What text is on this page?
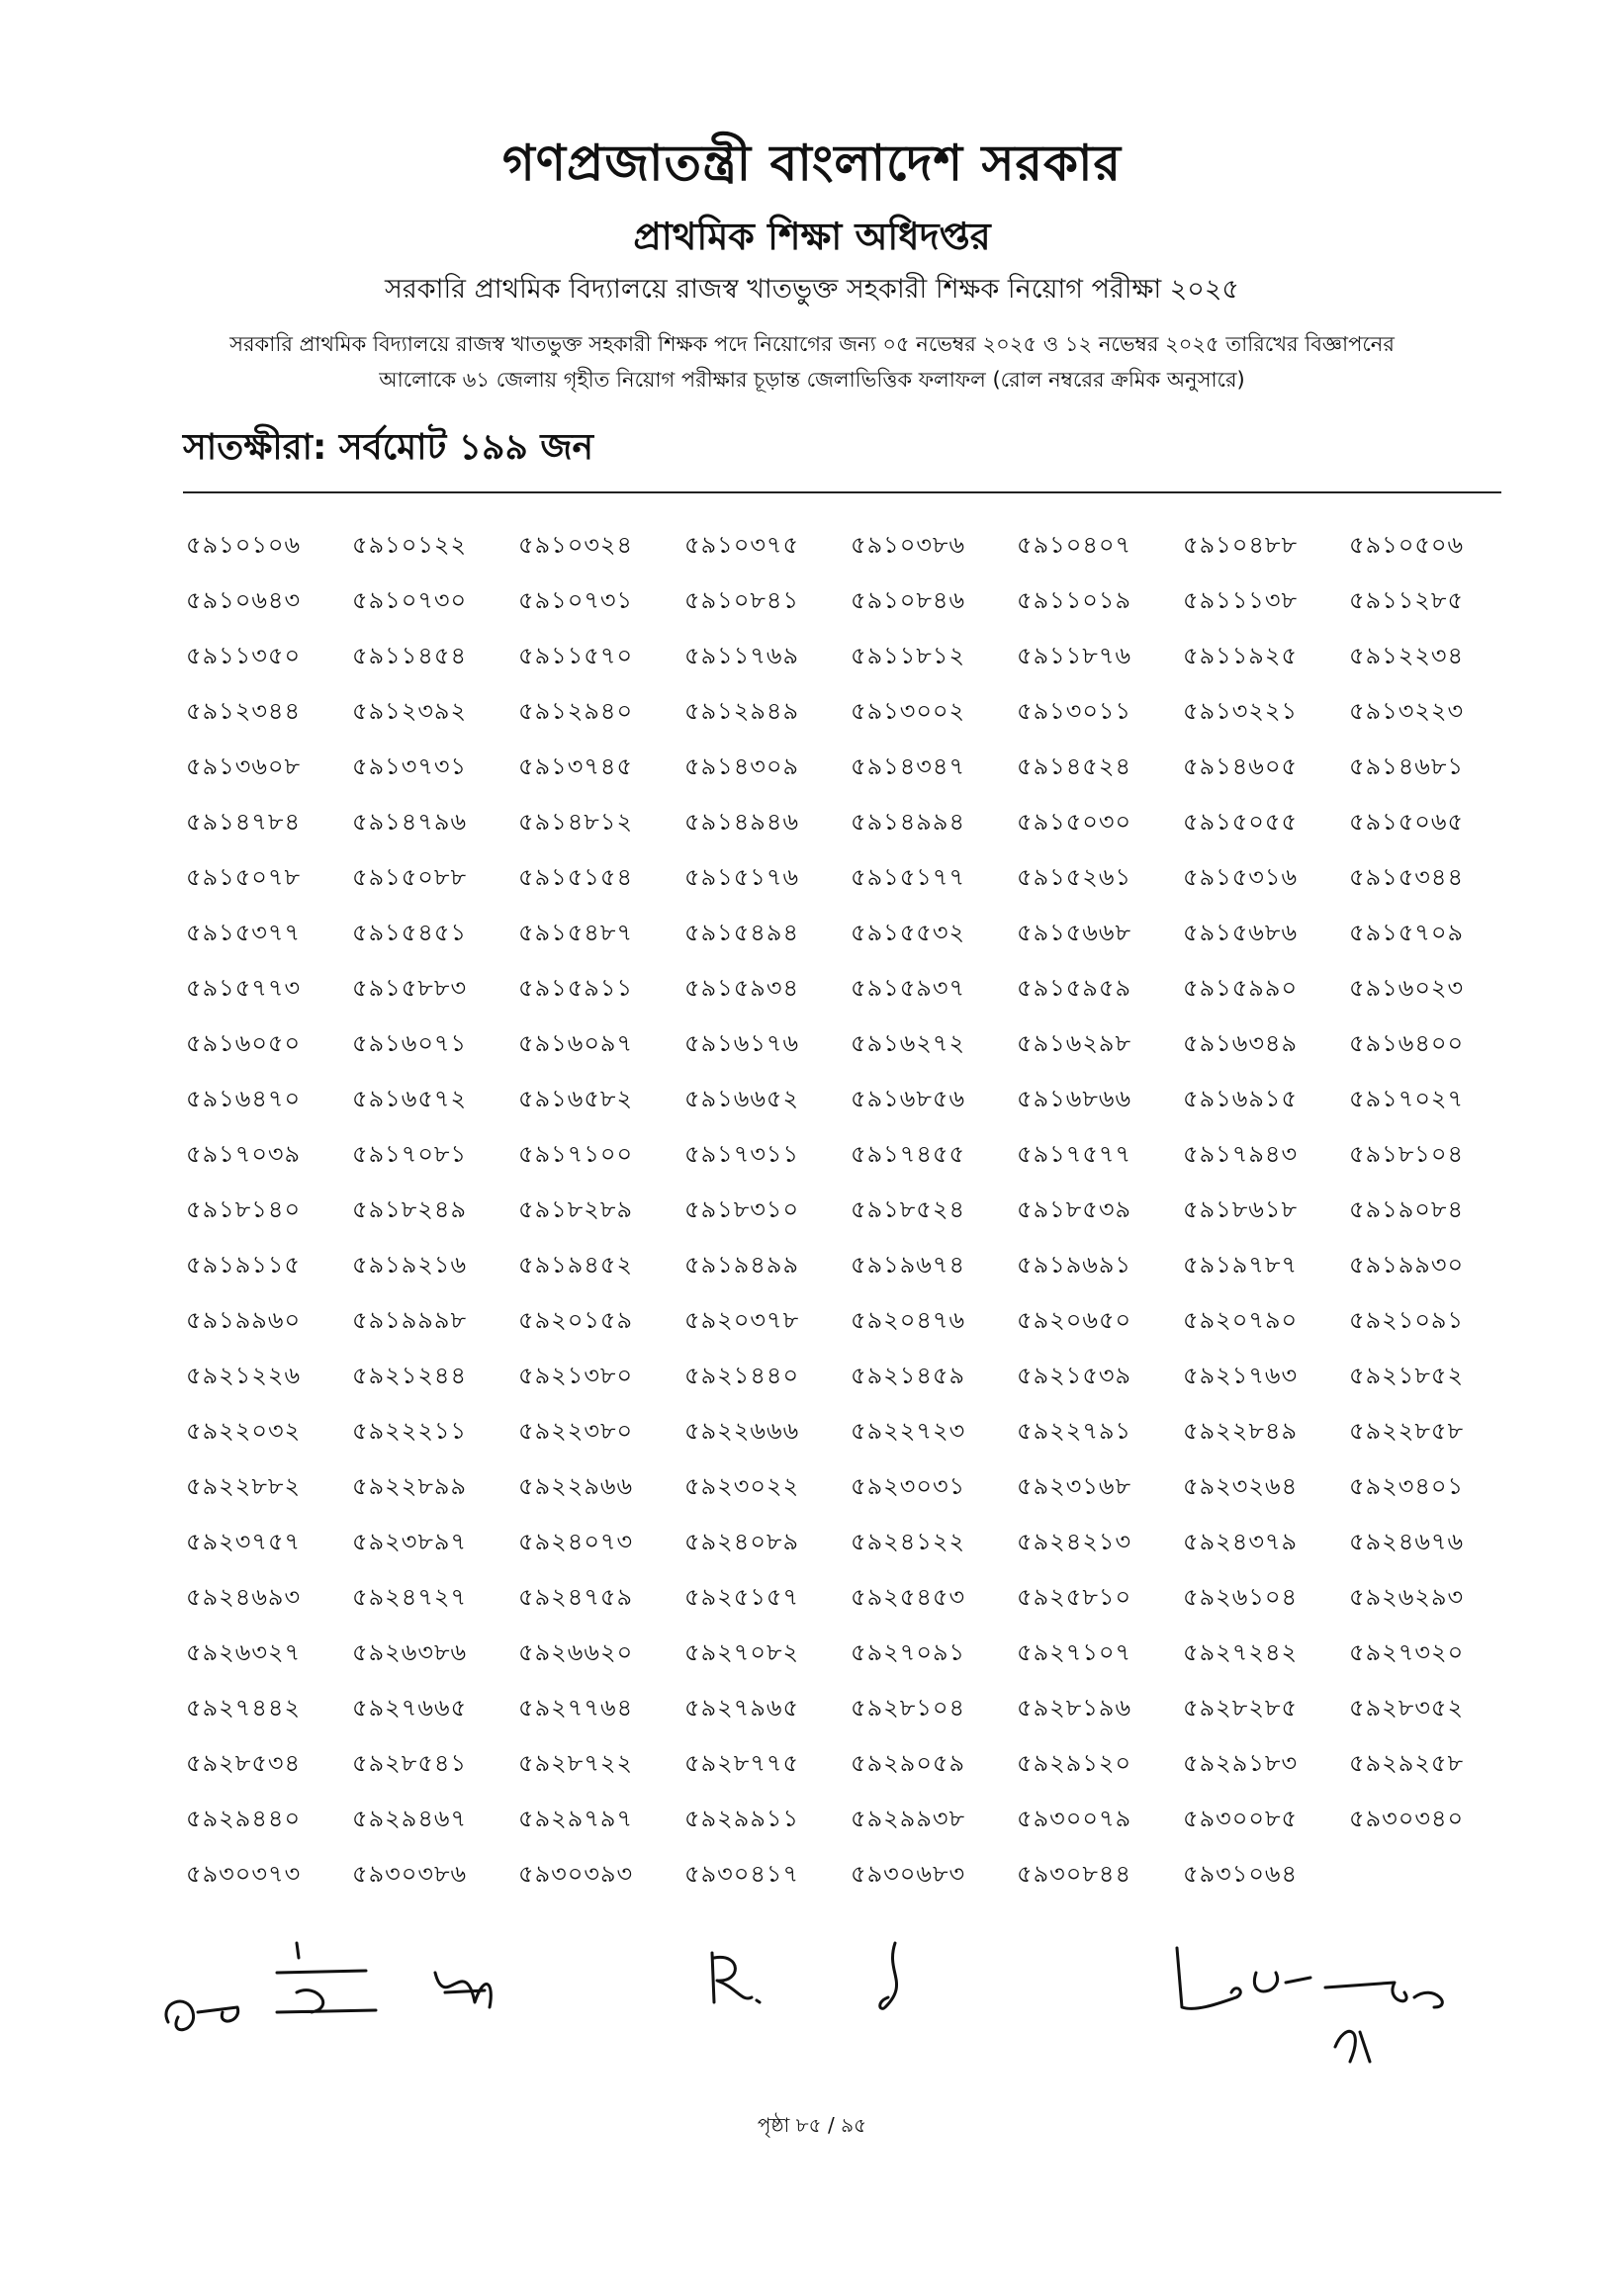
গণপ্রজাতন্ত্রী বাংলাদেশ সরকার
প্রাথমিক শিক্ষা অধিদপ্তর
সরকারি প্রাথমিক বিদ্যালয়ে রাজস্ব খাতভুক্ত সহকারী শিক্ষক নিয়োগ পরীক্ষা ২০২৫
সরকারি প্রাথমিক বিদ্যালয়ে রাজস্ব খাতভুক্ত সহকারী শিক্ষক পদে নিয়োগের জন্য ০৫ নভেম্বর ২০২৫ ও ১২ নভেম্বর ২০২৫ তারিখের বিজ্ঞাপনের
আলোকে ৬১ জেলায় গৃহীত নিয়োগ পরীক্ষার চূড়ান্ত জেলাভিত্তিক ফলাফল (রোল নম্বরের ক্রমিক অনুসারে)
সাতক্ষীরা: সর্বমোট ১৯৯ জন
৫৯১০১০৬	৫৯১০১২২	৫৯১০৩২৪	৫৯১০৩৭৫	৫৯১০৩৮৬	৫৯১০৪০৭	৫৯১০৪৮৮	৫৯১০৫০৬
৫৯১০৬৪৩	৫৯১০৭৩০	৫৯১০৭৩১	৫৯১০৮৪১	৫৯১০৮৪৬	৫৯১১০১৯	৫৯১১১৩৮	৫৯১১২৮৫
৫৯১১৩৫০	৫৯১১৪৫৪	৫৯১১৫৭০	৫৯১১৭৬৯	৫৯১১৮১২	৫৯১১৮৭৬	৫৯১১৯২৫	৫৯১২২৩৪
৫৯১২৩৪৪	৫৯১২৩৯২	৫৯১২৯৪০	৫৯১২৯৪৯	৫৯১৩০০২	৫৯১৩০১১	৫৯১৩২২১	৫৯১৩২২৩
৫৯১৩৬০৮	৫৯১৩৭৩১	৫৯১৩৭৪৫	৫৯১৪৩০৯	৫৯১৪৩৪৭	৫৯১৪৫২৪	৫৯১৪৬০৫	৫৯১৪৬৮১
৫৯১৪৭৮৪	৫৯১৪৭৯৬	৫৯১৪৮১২	৫৯১৪৯৪৬	৫৯১৪৯৯৪	৫৯১৫০৩০	৫৯১৫০৫৫	৫৯১৫০৬৫
৫৯১৫০৭৮	৫৯১৫০৮৮	৫৯১৫১৫৪	৫৯১৫১৭৬	৫৯১৫১৭৭	৫৯১৫২৬১	৫৯১৫৩১৬	৫৯১৫৩৪৪
৫৯১৫৩৭৭	৫৯১৫৪৫১	৫৯১৫৪৮৭	৫৯১৫৪৯৪	৫৯১৫৫৩২	৫৯১৫৬৬৮	৫৯১৫৬৮৬	৫৯১৫৭০৯
৫৯১৫৭৭৩	৫৯১৫৮৮৩	৫৯১৫৯১১	৫৯১৫৯৩৪	৫৯১৫৯৩৭	৫৯১৫৯৫৯	৫৯১৫৯৯০	৫৯১৬০২৩
৫৯১৬০৫০	৫৯১৬০৭১	৫৯১৬০৯৭	৫৯১৬১৭৬	৫৯১৬২৭২	৫৯১৬২৯৮	৫৯১৬৩৪৯	৫৯১৬৪০০
৫৯১৬৪৭০	৫৯১৬৫৭২	৫৯১৬৫৮২	৫৯১৬৬৫২	৫৯১৬৮৫৬	৫৯১৬৮৬৬	৫৯১৬৯১৫	৫৯১৭০২৭
৫৯১৭০৩৯	৫৯১৭০৮১	৫৯১৭১০০	৫৯১৭৩১১	৫৯১৭৪৫৫	৫৯১৭৫৭৭	৫৯১৭৯৪৩	৫৯১৮১০৪
৫৯১৮১৪০	৫৯১৮২৪৯	৫৯১৮২৮৯	৫৯১৮৩১০	৫৯১৮৫২৪	৫৯১৮৫৩৯	৫৯১৮৬১৮	৫৯১৯০৮৪
৫৯১৯১১৫	৫৯১৯২১৬	৫৯১৯৪৫২	৫৯১৯৪৯৯	৫৯১৯৬৭৪	৫৯১৯৬৯১	৫৯১৯৭৮৭	৫৯১৯৯৩০
৫৯১৯৯৬০	৫৯১৯৯৯৮	৫৯২০১৫৯	৫৯২০৩৭৮	৫৯২০৪৭৬	৫৯২০৬৫০	৫৯২০৭৯০	৫৯২১০৯১
৫৯২১২২৬	৫৯২১২৪৪	৫৯২১৩৮০	৫৯২১৪৪০	৫৯২১৪৫৯	৫৯২১৫৩৯	৫৯২১৭৬৩	৫৯২১৮৫২
৫৯২২০৩২	৫৯২২২১১	৫৯২২৩৮০	৫৯২২৬৬৬	৫৯২২৭২৩	৫৯২২৭৯১	৫৯২২৮৪৯	৫৯২২৮৫৮
৫৯২২৮৮২	৫৯২২৮৯৯	৫৯২২৯৬৬	৫৯২৩০২২	৫৯২৩০৩১	৫৯২৩১৬৮	৫৯২৩২৬৪	৫৯২৩৪০১
৫৯২৩৭৫৭	৫৯২৩৮৯৭	৫৯২৪০৭৩	৫৯২৪০৮৯	৫৯২৪১২২	৫৯২৪২১৩	৫৯২৪৩৭৯	৫৯২৪৬৭৬
৫৯২৪৬৯৩	৫৯২৪৭২৭	৫৯২৪৭৫৯	৫৯২৫১৫৭	৫৯২৫৪৫৩	৫৯২৫৮১০	৫৯২৬১০৪	৫৯২৬২৯৩
৫৯২৬৩২৭	৫৯২৬৩৮৬	৫৯২৬৬২০	৫৯২৭০৮২	৫৯২৭০৯১	৫৯২৭১০৭	৫৯২৭২৪২	৫৯২৭৩২০
৫৯২৭৪৪২	৫৯২৭৬৬৫	৫৯২৭৭৬৪	৫৯২৭৯৬৫	৫৯২৮১০৪	৫৯২৮১৯৬	৫৯২৮২৮৫	৫৯২৮৩৫২
৫৯২৮৫৩৪	৫৯২৮৫৪১	৫৯২৮৭২২	৫৯২৮৭৭৫	৫৯২৯০৫৯	৫৯২৯১২০	৫৯২৯১৮৩	৫৯২৯২৫৮
৫৯২৯৪৪০	৫৯২৯৪৬৭	৫৯২৯৭৯৭	৫৯২৯৯১১	৫৯২৯৯৩৮	৫৯৩০০৭৯	৫৯৩০০৮৫	৫৯৩০৩৪০
৫৯৩০৩৭৩	৫৯৩০৩৮৬	৫৯৩০৩৯৩	৫৯৩০৪১৭	৫৯৩০৬৮৩	৫৯৩০৮৪৪	৫৯৩১০৬৪
পৃষ্ঠা ৮৫ / ৯৫
